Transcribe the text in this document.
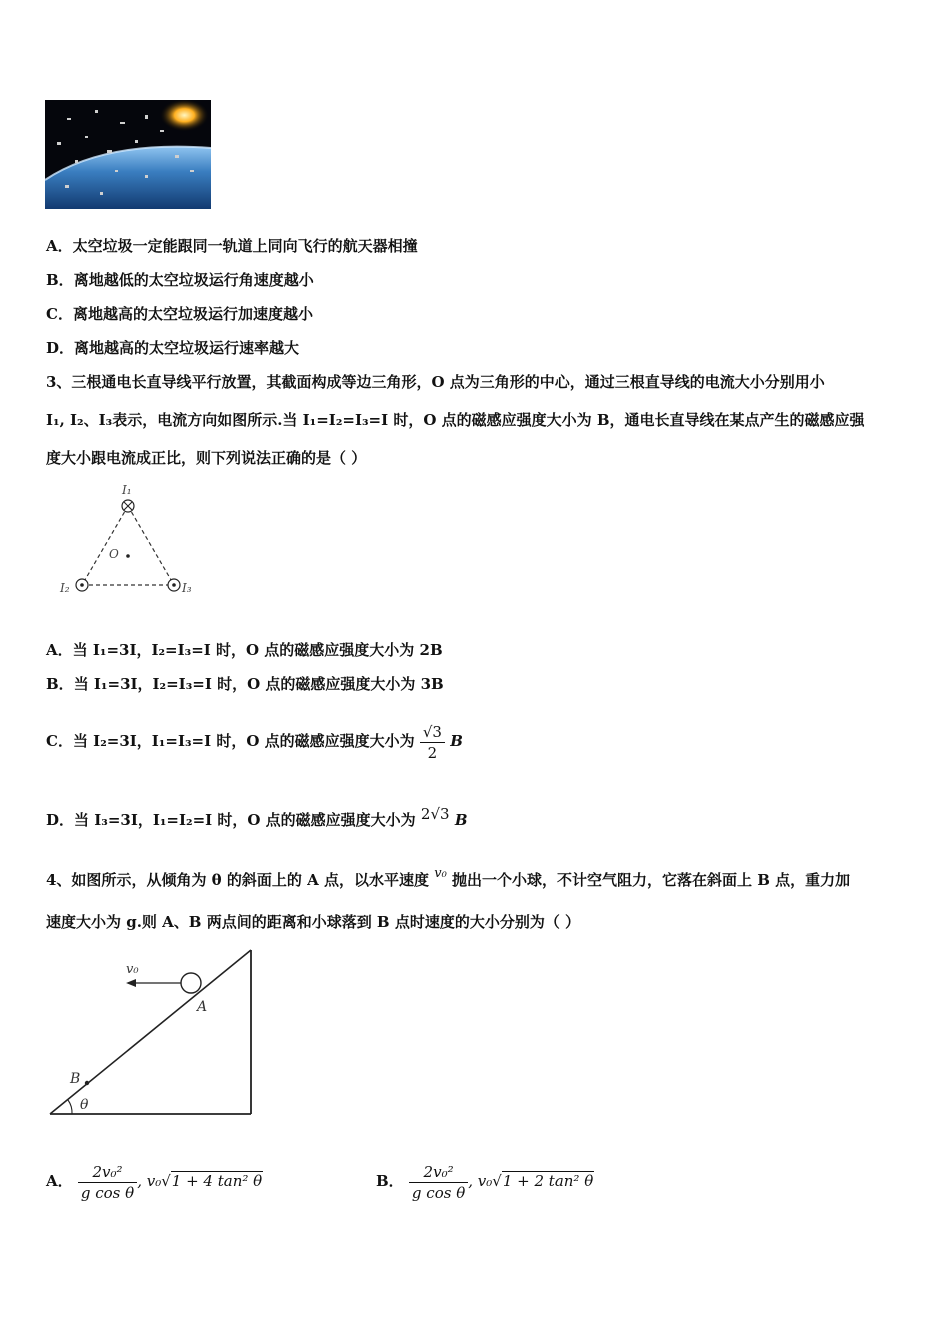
A．太空垃圾一定能跟同一轨道上同向飞行的航天器相撞
B．离地越低的太空垃圾运行角速度越小
C．离地越高的太空垃圾运行加速度越小
D．离地越高的太空垃圾运行速率越大
3、三根通电长直导线平行放置，其截面构成等边三角形，O 点为三角形的中心，通过三根直导线的电流大小分别用小
I₁, I₂、I₃表示，电流方向如图所示.当 I₁=I₂=I₃=I 时，O 点的磁感应强度大小为 B，通电长直导线在某点产生的磁感应强
度大小跟电流成正比，则下列说法正确的是（ ）
I₁
I₂	I₃
O
A．当 I₁=3I，I₂=I₃=I 时，O 点的磁感应强度大小为 2B
B．当 I₁=3I，I₂=I₃=I 时，O 点的磁感应强度大小为 3B
C．当 I₂=3I，I₁=I₃=I 时，O 点的磁感应强度大小为 $\frac{√3}{2}$ B
D．当 I₃=3I，I₁=I₂=I 时，O 点的磁感应强度大小为 2√3 B
4、如图所示，从倾角为 θ 的斜面上的 A 点，以水平速度 v₀ 抛出一个小球，不计空气阻力，它落在斜面上 B 点，重力加
速度大小为 g.则 A、B 两点间的距离和小球落到 B 点时速度的大小分别为（ ）
v₀
A
B
θ
A． $\frac{\text{2v₀²}}{\text{g cos θ}}$ , v₀√1 + 4 tan² θ	B． $\frac{\text{2v₀²}}{\text{g cos θ}}$ , v₀√1 + 2 tan² θ
